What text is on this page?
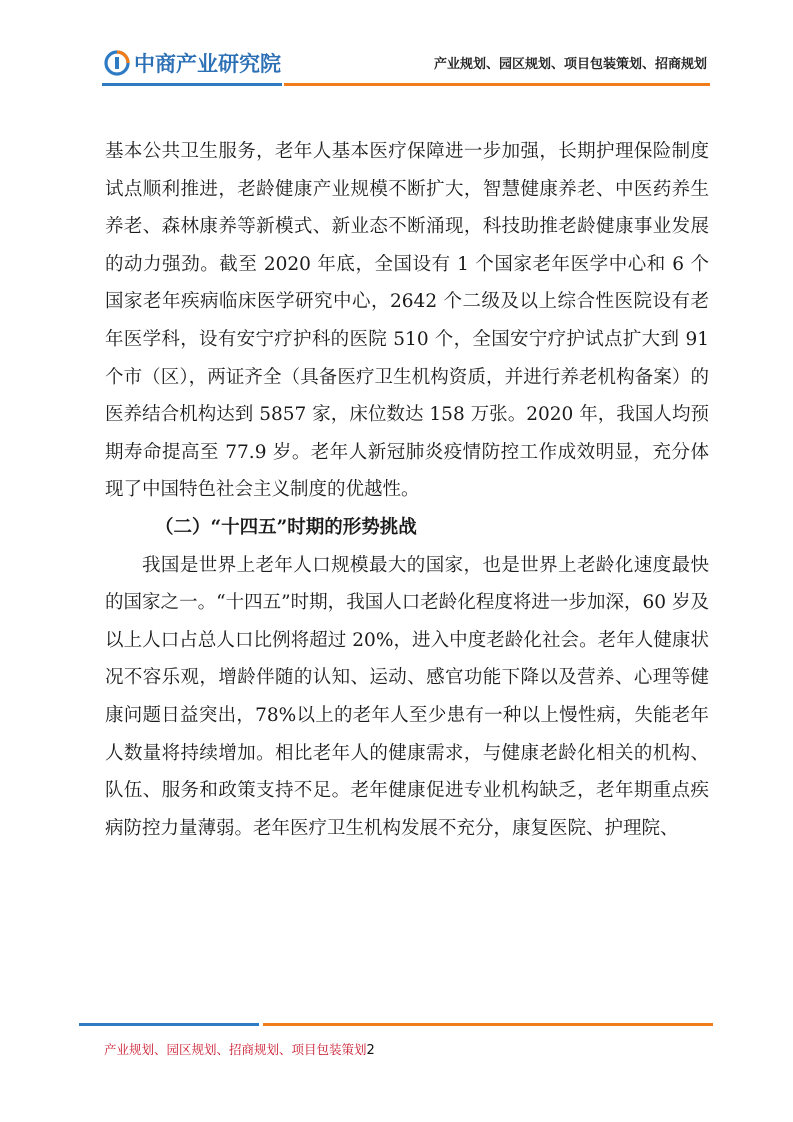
中商产业研究院	产业规划、园区规划、项目包装策划、招商规划

基本公共卫生服务，老年人基本医疗保障进一步加强，长期护理保险制度试点顺利推进，老龄健康产业规模不断扩大，智慧健康养老、中医药养生养老、森林康养等新模式、新业态不断涌现，科技助推老龄健康事业发展的动力强劲。截至 2020 年底，全国设有 1 个国家老年医学中心和 6 个国家老年疾病临床医学研究中心，2642 个二级及以上综合性医院设有老年医学科，设有安宁疗护科的医院 510 个，全国安宁疗护试点扩大到 91 个市（区），两证齐全（具备医疗卫生机构资质，并进行养老机构备案）的医养结合机构达到 5857 家，床位数达 158 万张。2020 年，我国人均预期寿命提高至 77.9 岁。老年人新冠肺炎疫情防控工作成效明显，充分体现了中国特色社会主义制度的优越性。

（二）“十四五”时期的形势挑战

我国是世界上老年人口规模最大的国家，也是世界上老龄化速度最快的国家之一。“十四五”时期，我国人口老龄化程度将进一步加深，60 岁及以上人口占总人口比例将超过 20%，进入中度老龄化社会。老年人健康状况不容乐观，增龄伴随的认知、运动、感官功能下降以及营养、心理等健康问题日益突出，78%以上的老年人至少患有一种以上慢性病，失能老年人数量将持续增加。相比老年人的健康需求，与健康老龄化相关的机构、队伍、服务和政策支持不足。老年健康促进专业机构缺乏，老年期重点疾病防控力量薄弱。老年医疗卫生机构发展不充分，康复医院、护理院、

产业规划、园区规划、招商规划、项目包装策划2
